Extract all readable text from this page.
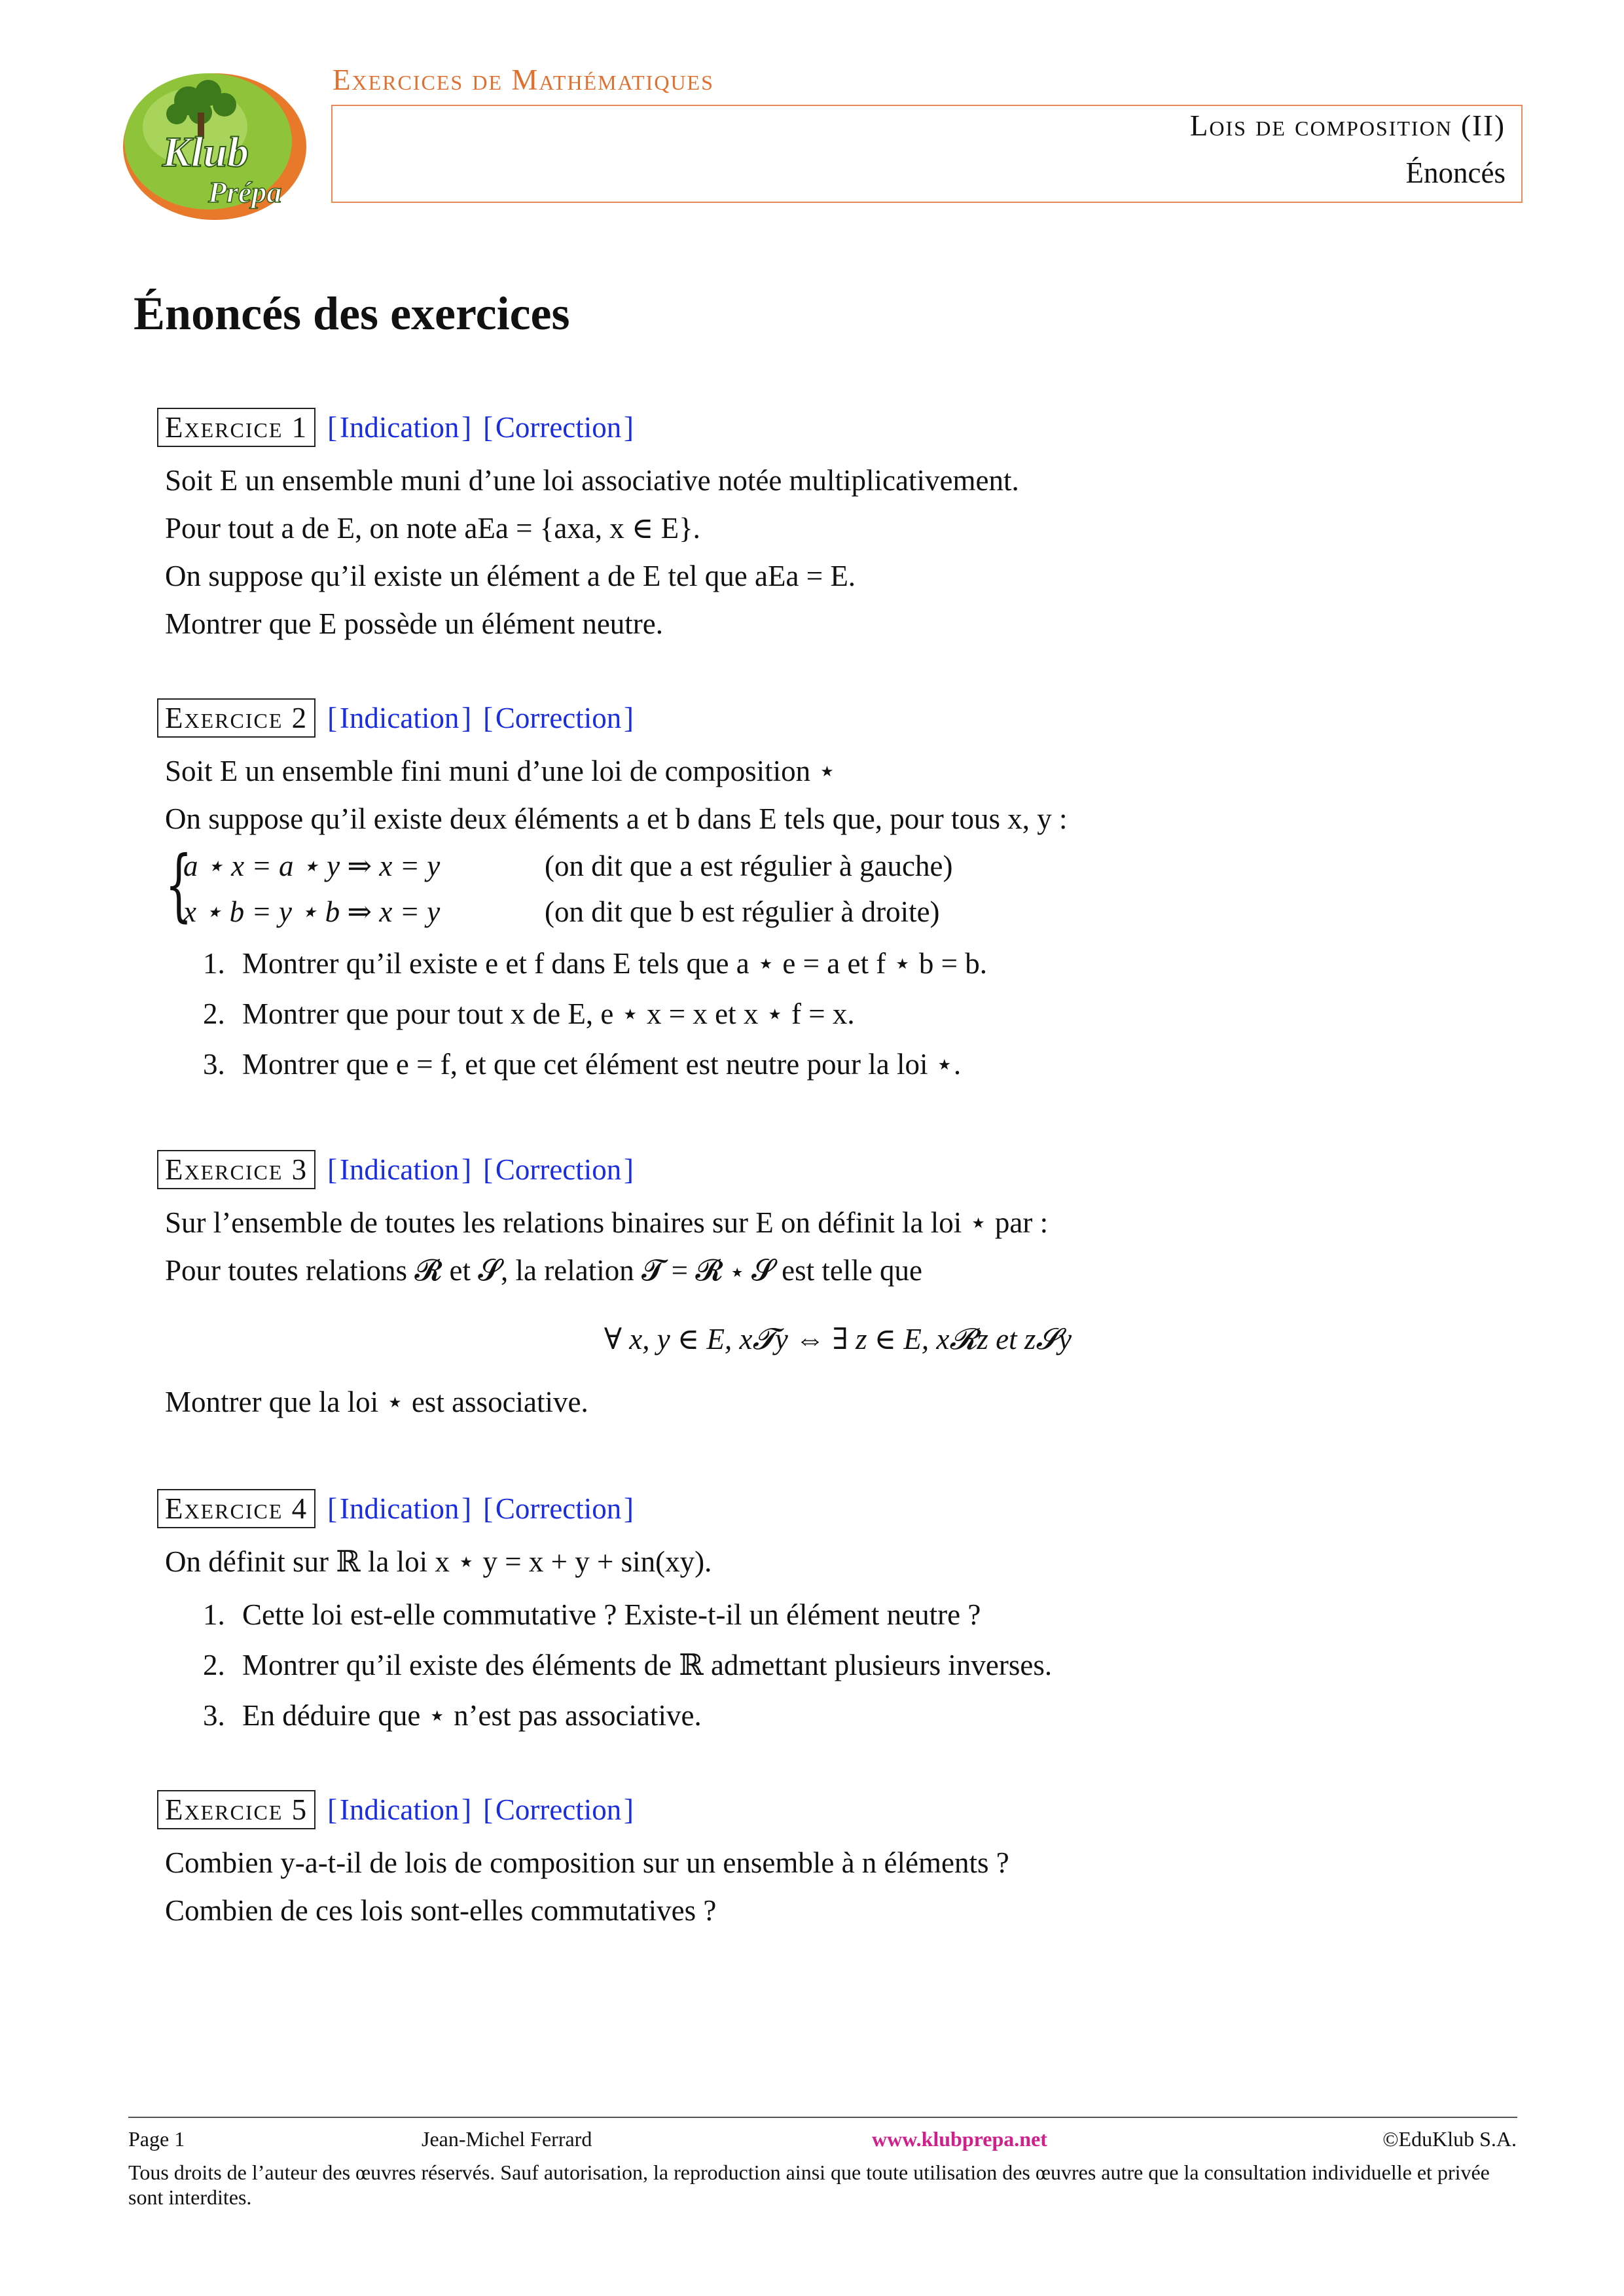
Klub
Prépa
Exercices de Mathématiques
Lois de composition (II)
Énoncés
Énoncés des exercices
Exercice 1 [ Indication ] [ Correction ]

Soit E un ensemble muni d’une loi associative notée multiplicativement.

Pour tout a de E, on note aEa = {axa, x ∈ E}.

On suppose qu’il existe un élément a de E tel que aEa = E.

Montrer que E possède un élément neutre.

Exercice 2 [ Indication ] [ Correction ]

Soit E un ensemble fini muni d’une loi de composition ⋆

On suppose qu’il existe deux éléments a et b dans E tels que, pour tous x, y :

{
a ⋆ x = a ⋆ y ⇒ x = y	(on dit que a est régulier à gauche)
x ⋆ b = y ⋆ b ⇒ x = y	(on dit que b est régulier à droite)
1. Montrer qu’il existe e et f dans E tels que a ⋆ e = a et f ⋆ b = b.
2. Montrer que pour tout x de E, e ⋆ x = x et x ⋆ f = x.
3. Montrer que e = f, et que cet élément est neutre pour la loi ⋆.
Exercice 3 [ Indication ] [ Correction ]

Sur l’ensemble de toutes les relations binaires sur E on définit la loi ⋆ par :

Pour toutes relations 𝓡 et 𝓢, la relation 𝓣 = 𝓡 ⋆ 𝓢 est telle que

∀ x, y ∈ E, x𝓣y ⇔ ∃ z ∈ E, x𝓡z et z𝓢y

Montrer que la loi ⋆ est associative.

Exercice 4 [ Indication ] [ Correction ]

On définit sur ℝ la loi x ⋆ y = x + y + sin(xy).

1. Cette loi est-elle commutative ? Existe-t-il un élément neutre ?
2. Montrer qu’il existe des éléments de ℝ admettant plusieurs inverses.
3. En déduire que ⋆ n’est pas associative.
Exercice 5 [ Indication ] [ Correction ]

Combien y-a-t-il de lois de composition sur un ensemble à n éléments ?

Combien de ces lois sont-elles commutatives ?

Page 1	Jean-Michel Ferrard	www.klubprepa.net	©EduKlub S.A.
Tous droits de l’auteur des œuvres réservés. Sauf autorisation, la reproduction ainsi que toute utilisation des œuvres autre que la consultation individuelle et privée sont interdites.
